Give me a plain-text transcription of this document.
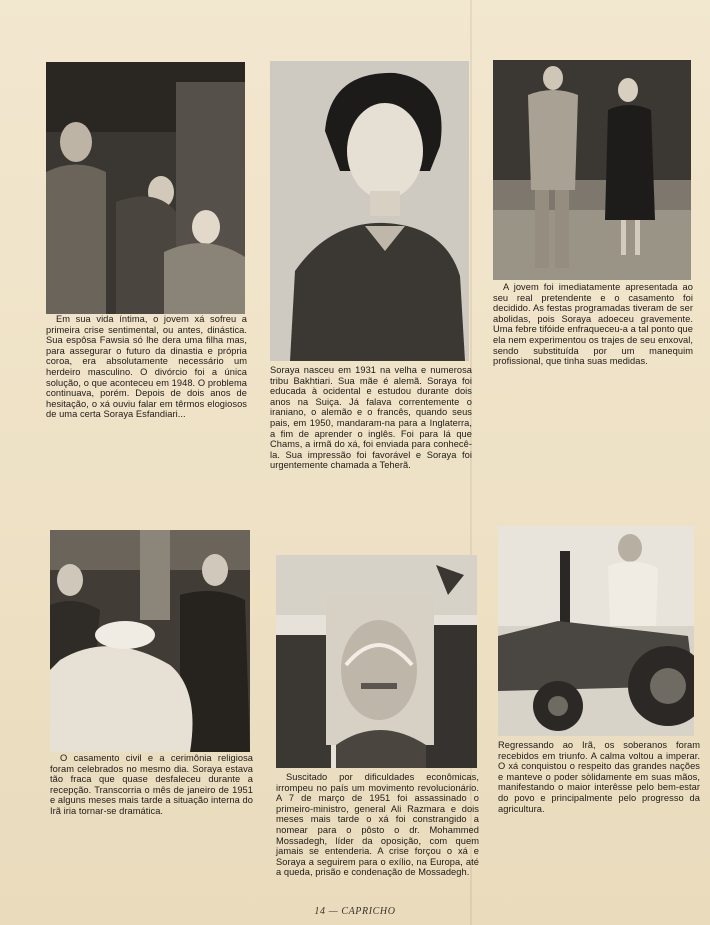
Em sua vida íntima, o jovem xá sofreu a primeira crise sentimental, ou antes, dinástica. Sua espôsa Fawsia só lhe dera uma filha mas, para assegurar o futuro da dinastia e própria coroa, era absolutamente necessário um herdeiro masculino. O divórcio foi a única solução, o que aconteceu em 1948. O problema continuava, porém. Depois de dois anos de hesitação, o xá ouviu falar em têrmos elogiosos de uma certa Soraya Esfandiari...

Soraya nasceu em 1931 na velha e numerosa tribu Bakhtiari. Sua mãe é alemã. Soraya foi educada à ocidental e estudou durante dois anos na Suiça. Já falava correntemente o iraniano, o alemão e o francês, quando seus pais, em 1950, mandaram-na para a Inglaterra, a fim de aprender o inglês. Foi para lá que Chams, a irmã do xá, foi enviada para conhecê-la. Sua impressão foi favorável e Soraya foi urgentemente chamada a Teherã.

A jovem foi imediatamente apresentada ao seu real pretendente e o casamento foi decidido. As festas programadas tiveram de ser abolidas, pois Soraya adoeceu gravemente. Uma febre tifóide enfraqueceu-a a tal ponto que ela nem experimentou os trajes de seu enxoval, sendo substituída por um manequim profissional, que tinha suas medidas.

O casamento civil e a cerimônia religiosa foram celebrados no mesmo dia. Soraya estava tão fraca que quase desfaleceu durante a recepção. Transcorria o mês de janeiro de 1951 e alguns meses mais tarde a situação interna do Irã iria tornar-se dramática.

Suscitado por dificuldades econômicas, irrompeu no país um movimento revolucionário. A 7 de março de 1951 foi assassinado o primeiro-ministro, general Ali Razmara e dois meses mais tarde o xá foi constrangido a nomear para o pôsto o dr. Mohammed Mossadegh, líder da oposição, com quem jamais se entenderia. A crise forçou o xá e Soraya a seguirem para o exílio, na Europa, até a queda, prisão e condenação de Mossadegh.

Regressando ao Irã, os soberanos foram recebidos em triunfo. A calma voltou a imperar. O xá conquistou o respeito das grandes nações e manteve o poder sòlidamente em suas mãos, manifestando o maior interêsse pelo bem-estar do povo e principalmente pelo progresso da agricultura.

14 — CAPRICHO
